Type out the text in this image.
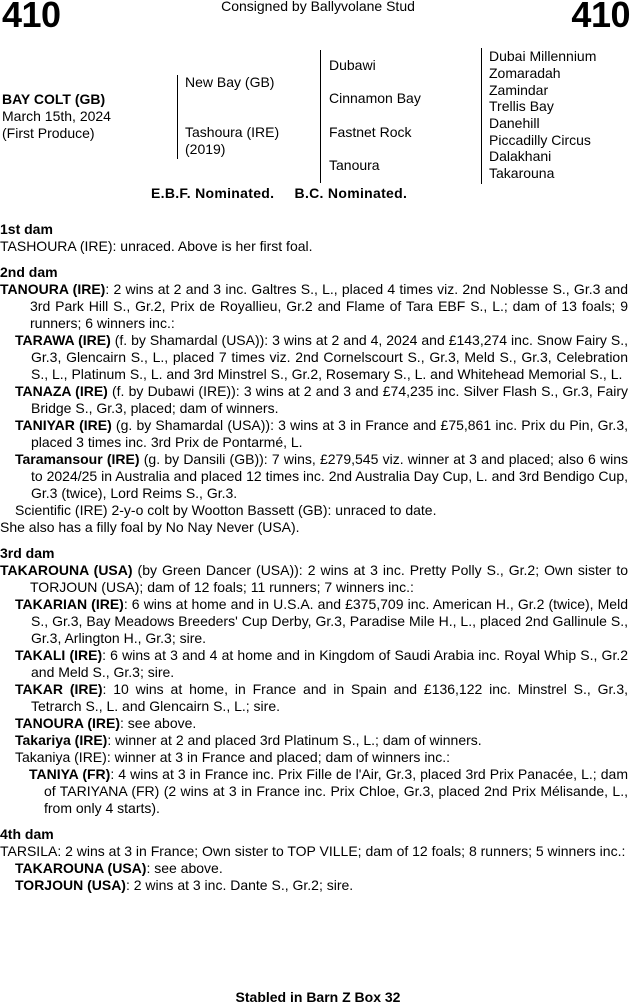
410	Consigned by Ballyvolane Stud	410
BAY COLT (GB)
March 15th, 2024
(First Produce)
New Bay (GB)
Tashoura (IRE)
(2019)
Dubawi
Cinnamon Bay
Fastnet Rock
Tanoura
Dubai Millennium
Zomaradah
Zamindar
Trellis Bay
Danehill
Piccadilly Circus
Dalakhani
Takarouna
E.B.F. Nominated. B.C. Nominated.
1st dam
TASHOURA (IRE): unraced. Above is her first foal.
2nd dam
TANOURA (IRE): 2 wins at 2 and 3 inc. Galtres S., L., placed 4 times viz. 2nd Noblesse S., Gr.3 and 3rd Park Hill S., Gr.2, Prix de Royallieu, Gr.2 and Flame of Tara EBF S., L.; dam of 13 foals; 9 runners; 6 winners inc.:
TARAWA (IRE) (f. by Shamardal (USA)): 3 wins at 2 and 4, 2024 and £143,274 inc. Snow Fairy S., Gr.3, Glencairn S., L., placed 7 times viz. 2nd Cornelscourt S., Gr.3, Meld S., Gr.3, Celebration S., L., Platinum S., L. and 3rd Minstrel S., Gr.2, Rosemary S., L. and Whitehead Memorial S., L.
TANAZA (IRE) (f. by Dubawi (IRE)): 3 wins at 2 and 3 and £74,235 inc. Silver Flash S., Gr.3, Fairy Bridge S., Gr.3, placed; dam of winners.
TANIYAR (IRE) (g. by Shamardal (USA)): 3 wins at 3 in France and £75,861 inc. Prix du Pin, Gr.3, placed 3 times inc. 3rd Prix de Pontarmé, L.
Taramansour (IRE) (g. by Dansili (GB)): 7 wins, £279,545 viz. winner at 3 and placed; also 6 wins to 2024/25 in Australia and placed 12 times inc. 2nd Australia Day Cup, L. and 3rd Bendigo Cup, Gr.3 (twice), Lord Reims S., Gr.3.
Scientific (IRE) 2-y-o colt by Wootton Bassett (GB): unraced to date.
She also has a filly foal by No Nay Never (USA).
3rd dam
TAKAROUNA (USA) (by Green Dancer (USA)): 2 wins at 3 inc. Pretty Polly S., Gr.2; Own sister to TORJOUN (USA); dam of 12 foals; 11 runners; 7 winners inc.:
TAKARIAN (IRE): 6 wins at home and in U.S.A. and £375,709 inc. American H., Gr.2 (twice), Meld S., Gr.3, Bay Meadows Breeders' Cup Derby, Gr.3, Paradise Mile H., L., placed 2nd Gallinule S., Gr.3, Arlington H., Gr.3; sire.
TAKALI (IRE): 6 wins at 3 and 4 at home and in Kingdom of Saudi Arabia inc. Royal Whip S., Gr.2 and Meld S., Gr.3; sire.
TAKAR (IRE): 10 wins at home, in France and in Spain and £136,122 inc. Minstrel S., Gr.3, Tetrarch S., L. and Glencairn S., L.; sire.
TANOURA (IRE): see above.
Takariya (IRE): winner at 2 and placed 3rd Platinum S., L.; dam of winners.
Takaniya (IRE): winner at 3 in France and placed; dam of winners inc.:
TANIYA (FR): 4 wins at 3 in France inc. Prix Fille de l'Air, Gr.3, placed 3rd Prix Panacée, L.; dam of TARIYANA (FR) (2 wins at 3 in France inc. Prix Chloe, Gr.3, placed 2nd Prix Mélisande, L., from only 4 starts).
4th dam
TARSILA: 2 wins at 3 in France; Own sister to TOP VILLE; dam of 12 foals; 8 runners; 5 winners inc.:
TAKAROUNA (USA): see above.
TORJOUN (USA): 2 wins at 3 inc. Dante S., Gr.2; sire.
Stabled in Barn Z Box 32
